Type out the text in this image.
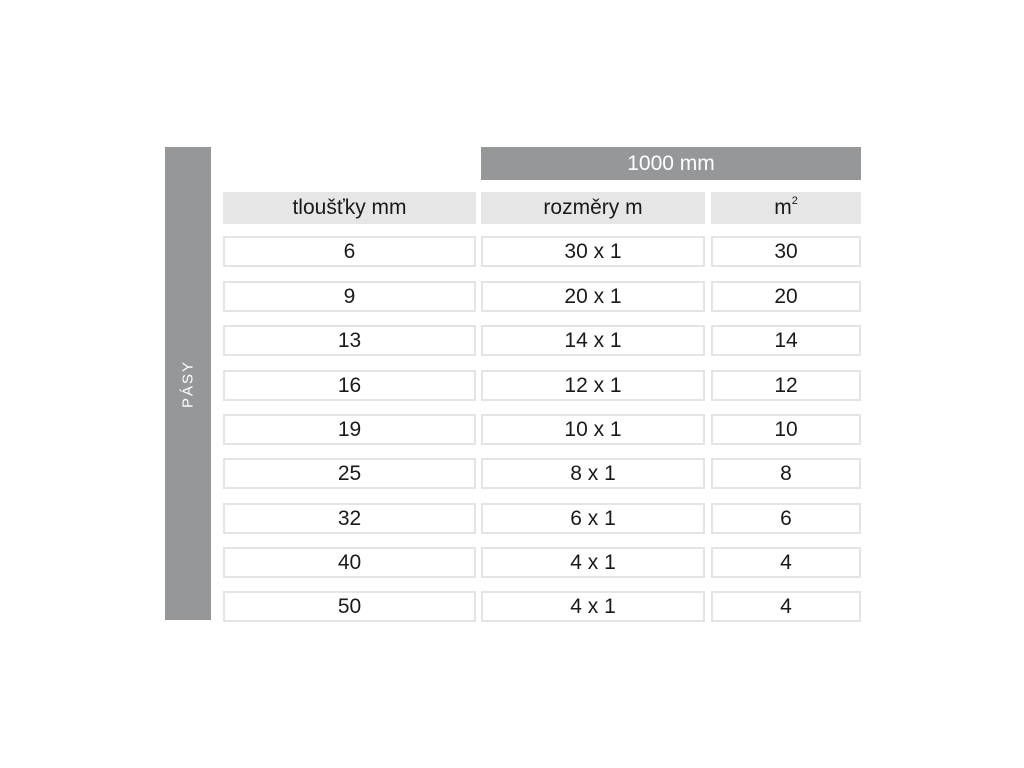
PÁSY
1000 mm
tloušťky mm	rozměry m	$m^2$
6	30 x 1	30
9	20 x 1	20
13	14 x 1	14
16	12 x 1	12
19	10 x 1	10
25	8 x 1	8
32	6 x 1	6
40	4 x 1	4
50	4 x 1	4
